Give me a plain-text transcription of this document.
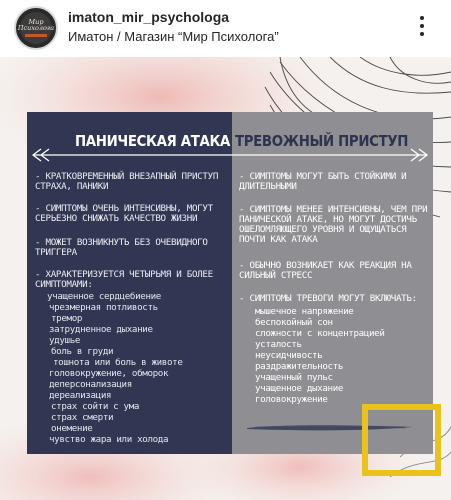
Мир
Психолога
imaton_mir_psychologa
Иматон / Магазин “Мир Психолога”
ПАНИЧЕСКАЯ АТАКА ТРЕВОЖНЫЙ ПРИСТУП
- КРАТКОВРЕМЕННЫЙ ВНЕЗАПНЫЙ ПРИСТУП
СТРАХА, ПАНИКИ
- СИМПТОМЫ ОЧЕНЬ ИНТЕНСИВНЫ, МОГУТ
СЕРЬЕЗНО СНИЖАТЬ КАЧЕСТВО ЖИЗНИ
- МОЖЕТ ВОЗНИКНУТЬ БЕЗ ОЧЕВИДНОГО
ТРИГГЕРА
- ХАРАКТЕРИЗУЕТСЯ ЧЕТЫРЬМЯ И БОЛЕЕ
СИМПТОМАМИ:
учащенное сердцебиение
чрезмерная потливость
тремор
затрудненное дыхание
удушье
боль в груди
тошнота или боль в животе
головокружение, обморок
деперсонализация
дереализация
страх сойти с ума
страх смерти
онемение
чувство жара или холода
- СИМПТОМЫ МОГУТ БЫТЬ СТОЙКИМИ И
ДЛИТЕЛЬНЫМИ
- СИМПТОМЫ МЕНЕЕ ИНТЕНСИВНЫ, ЧЕМ ПРИ
ПАНИЧЕСКОЙ АТАКЕ, НО МОГУТ ДОСТИЧЬ
ОШЕЛОМЛЯЮЩЕГО УРОВНЯ И ОЩУЩАТЬСЯ
ПОЧТИ КАК АТАКА
- ОБЫЧНО ВОЗНИКАЕТ КАК РЕАКЦИЯ НА
СИЛЬНЫЙ СТРЕСС
- СИМПТОМЫ ТРЕВОГИ МОГУТ ВКЛЮЧАТЬ:
мышечное напряжение
беспокойный сон
сложности с концентрацией
усталость
неусидчивость
раздражительность
учащенный пульс
учащенное дыхание
головокружение
